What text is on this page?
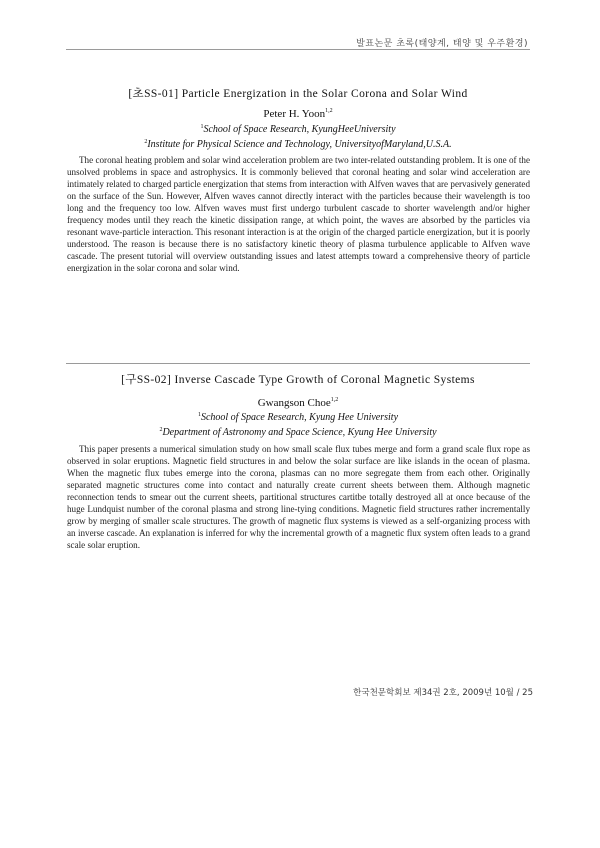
발표논문 초록(태양계, 태양 및 우주환경)
[초SS-01] Particle Energization in the Solar Corona and Solar Wind
Peter H. Yoon$^{1,2}$
$^1$School of Space Research, KyungHeeUniversity
$^2$Institute for Physical Science and Technology, UniversityofMaryland,U.S.A.

The coronal heating problem and solar wind acceleration problem are two inter-related outstanding problem. It is one of the unsolved problems in space and astrophysics. It is commonly believed that coronal heating and solar wind acceleration are intimately related to charged particle energization that stems from interaction with Alfven waves that are pervasively generated on the surface of the Sun. However, Alfven waves cannot directly interact with the particles because their wavelength is too long and the frequency too low. Alfven waves must first undergo turbulent cascade to shorter wavelength and/or higher frequency modes until they reach the kinetic dissipation range, at which point, the waves are absorbed by the particles via resonant wave-particle interaction. This resonant interaction is at the origin of the charged particle energization, but it is poorly understood. The reason is because there is no satisfactory kinetic theory of plasma turbulence applicable to Alfven wave cascade. The present tutorial will overview outstanding issues and latest attempts toward a comprehensive theory of particle energization in the solar corona and solar wind.

[구SS-02] Inverse Cascade Type Growth of Coronal Magnetic Systems
Gwangson Choe$^{1,2}$
$^1$School of Space Research, Kyung Hee University
$^2$Department of Astronomy and Space Science, Kyung Hee University

This paper presents a numerical simulation study on how small scale flux tubes merge and form a grand scale flux rope as observed in solar eruptions. Magnetic field structures in and below the solar surface are like islands in the ocean of plasma. When the magnetic flux tubes emerge into the corona, plasmas can no more segregate them from each other. Originally separated magnetic structures come into contact and naturally create current sheets between them. Although magnetic reconnection tends to smear out the current sheets, partitional structures cartitbe totally destroyed all at once because of the huge Lundquist number of the coronal plasma and strong line-tying conditions. Magnetic field structures rather incrementally grow by merging of smaller scale structures. The growth of magnetic flux systems is viewed as a self-organizing process with an inverse cascade. An explanation is inferred for why the incremental growth of a magnetic flux system often leads to a grand scale solar eruption.

한국천문학회보 제34권 2호, 2009년 10월 / 25
